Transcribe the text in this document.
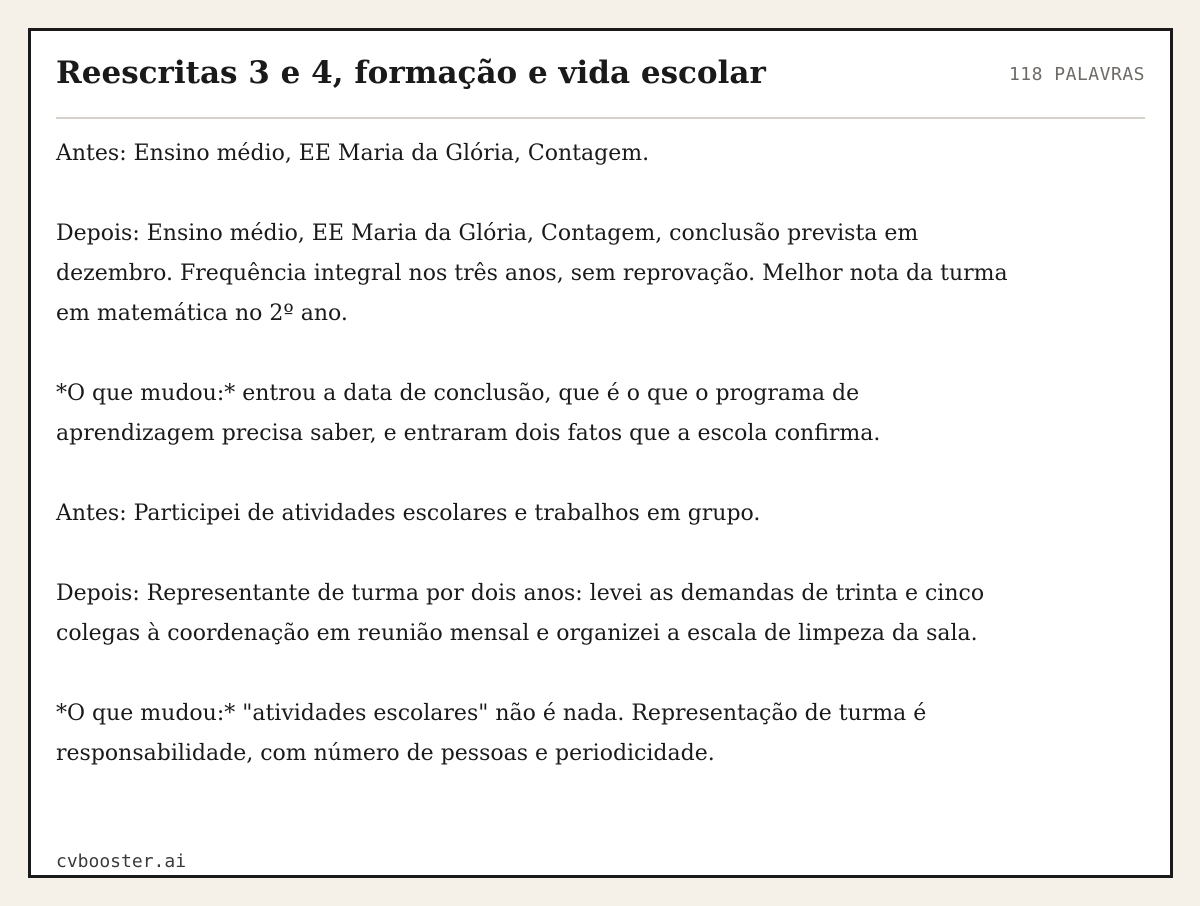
Reescritas 3 e 4, formação e vida escolar	118 PALAVRAS

Antes: Ensino médio, EE Maria da Glória, Contagem.

Depois: Ensino médio, EE Maria da Glória, Contagem, conclusão prevista em dezembro. Frequência integral nos três anos, sem reprovação. Melhor nota da turma em matemática no 2º ano.

*O que mudou:* entrou a data de conclusão, que é o que o programa de aprendizagem precisa saber, e entraram dois fatos que a escola confirma.

Antes: Participei de atividades escolares e trabalhos em grupo.

Depois: Representante de turma por dois anos: levei as demandas de trinta e cinco colegas à coordenação em reunião mensal e organizei a escala de limpeza da sala.

*O que mudou:* "atividades escolares" não é nada. Representação de turma é responsabilidade, com número de pessoas e periodicidade.

cvbooster.ai
